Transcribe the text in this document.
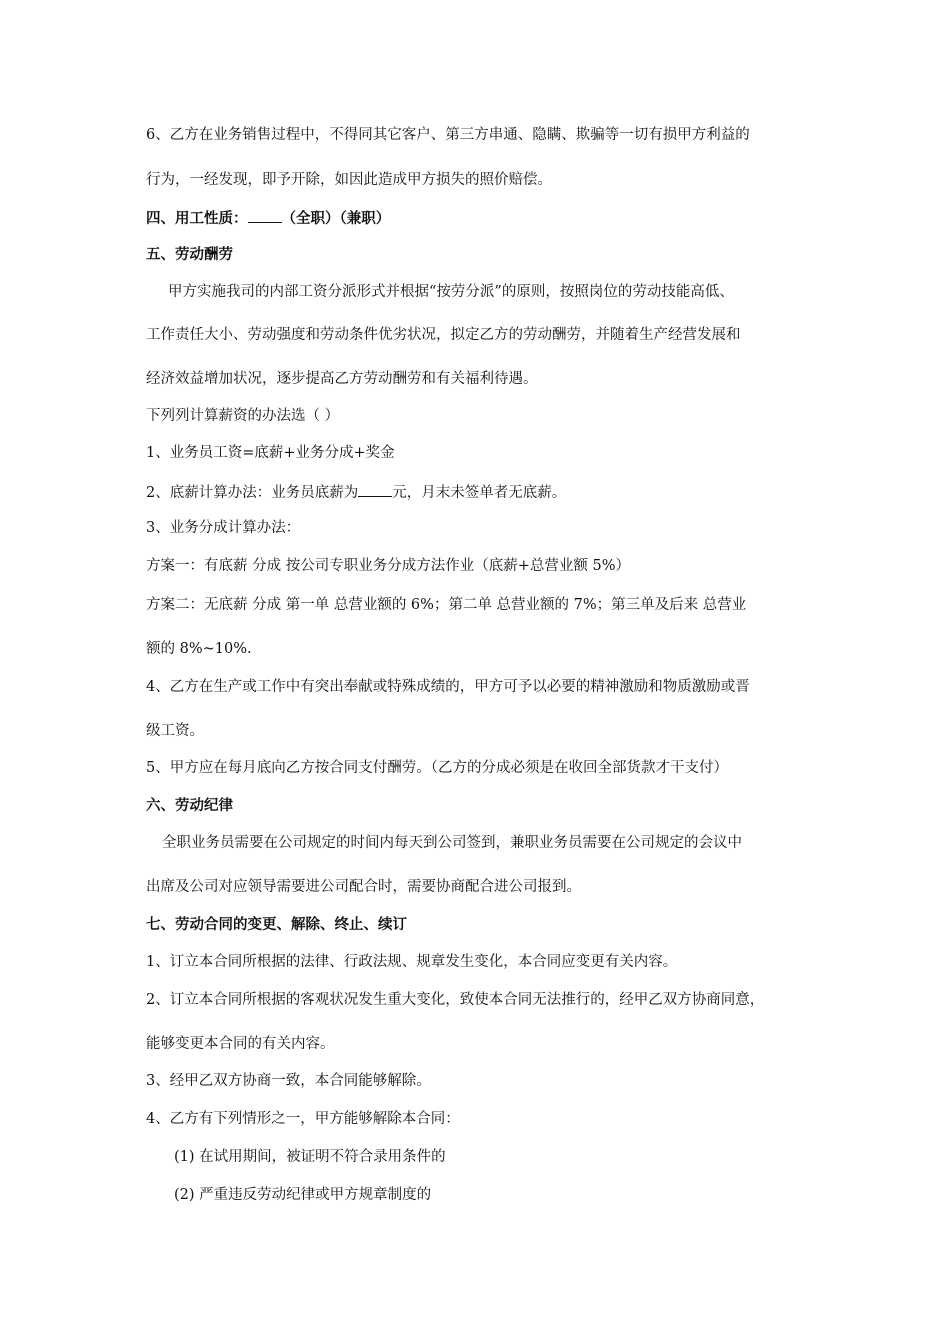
6、乙方在业务销售过程中，不得同其它客户、第三方串通、隐瞒、欺骗等一切有损甲方利益的
行为，一经发现，即予开除，如因此造成甲方损失的照价赔偿。
四、用工性质： （全职）（兼职）
五、劳动酬劳
甲方实施我司的内部工资分派形式并根据“按劳分派”的原则，按照岗位的劳动技能高低、
工作责任大小、劳动强度和劳动条件优劣状况，拟定乙方的劳动酬劳，并随着生产经营发展和
经济效益增加状况，逐步提高乙方劳动酬劳和有关福利待遇。
下列列计算薪资的办法选（ ）
1、业务员工资=底薪+业务分成+奖金
2、底薪计算办法：业务员底薪为 元，月末未签单者无底薪。
3、业务分成计算办法：
方案一：有底薪 分成 按公司专职业务分成方法作业（底薪+总营业额 5%）
方案二：无底薪 分成 第一单 总营业额的 6%；第二单 总营业额的 7%；第三单及后来 总营业
额的 8%~10%.
4、乙方在生产或工作中有突出奉献或特殊成绩的，甲方可予以必要的精神激励和物质激励或晋
级工资。
5、甲方应在每月底向乙方按合同支付酬劳。（乙方的分成必须是在收回全部货款才干支付）
六、劳动纪律
全职业务员需要在公司规定的时间内每天到公司签到，兼职业务员需要在公司规定的会议中
出席及公司对应领导需要进公司配合时，需要协商配合进公司报到。
七、劳动合同的变更、解除、终止、续订
1、订立本合同所根据的法律、行政法规、规章发生变化，本合同应变更有关内容。
2、订立本合同所根据的客观状况发生重大变化，致使本合同无法推行的，经甲乙双方协商同意，
能够变更本合同的有关内容。
3、经甲乙双方协商一致，本合同能够解除。
4、乙方有下列情形之一，甲方能够解除本合同：
(1) 在试用期间，被证明不符合录用条件的
(2) 严重违反劳动纪律或甲方规章制度的
